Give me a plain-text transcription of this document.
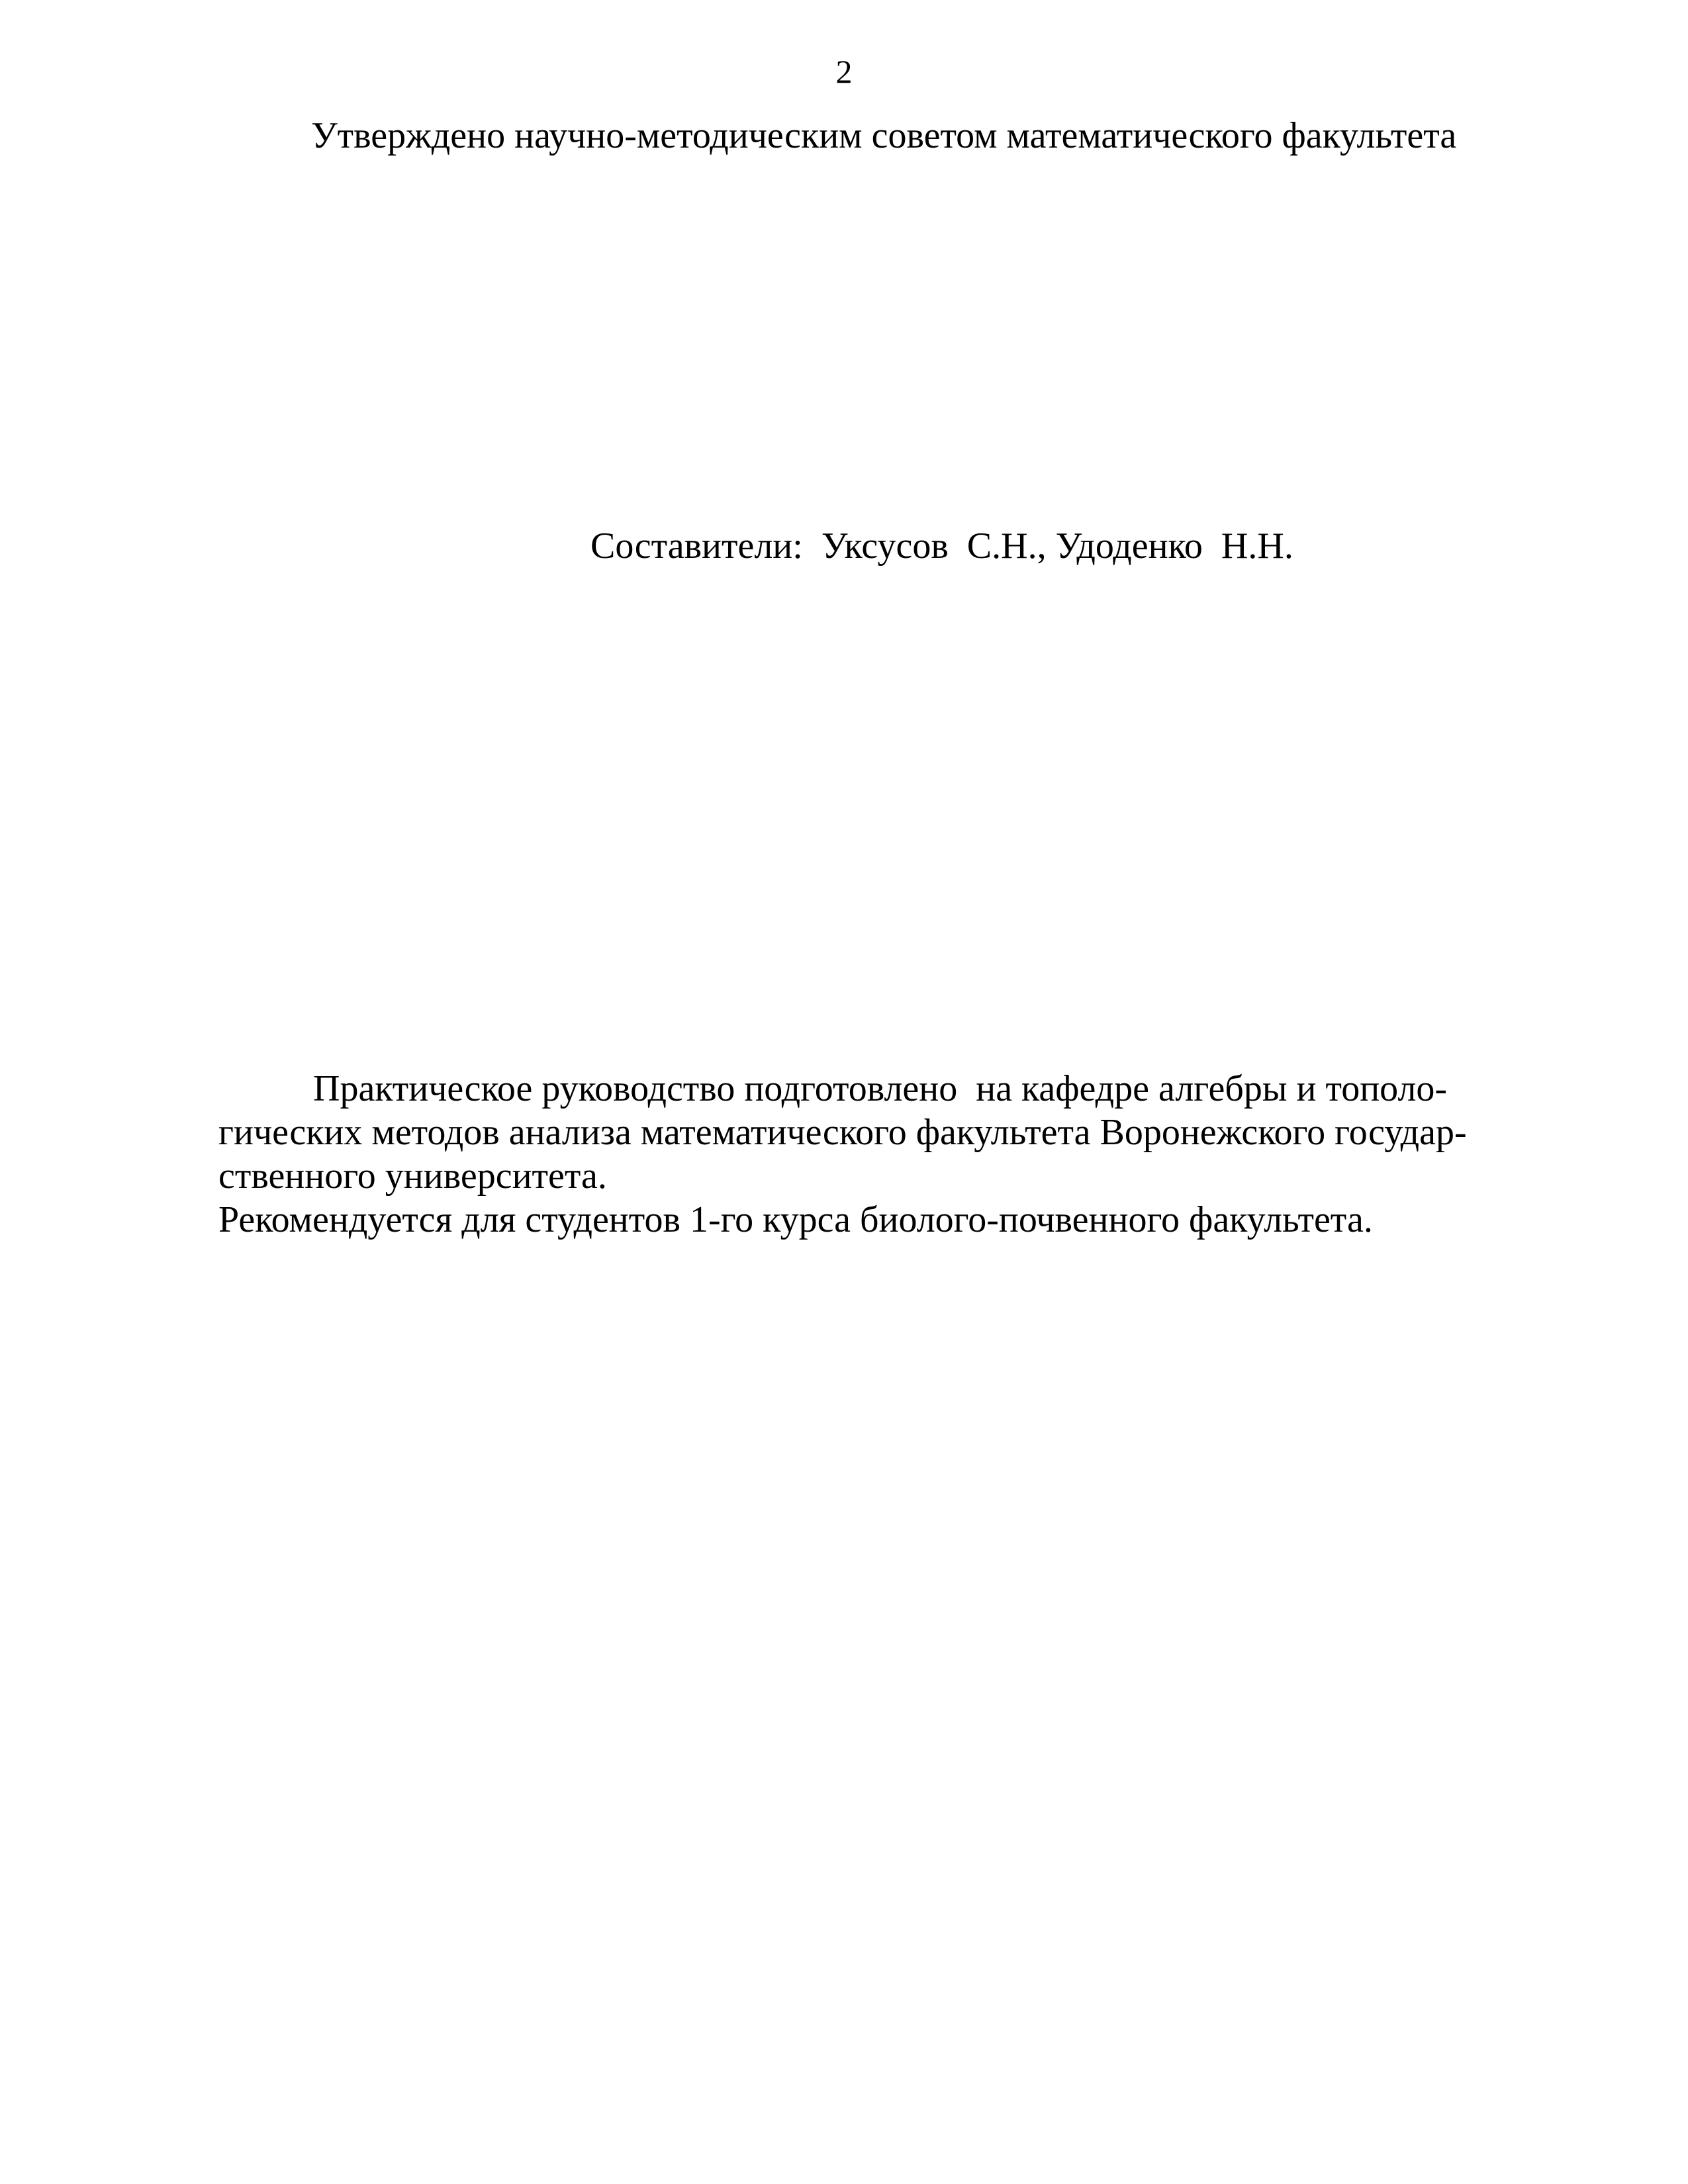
2
Утверждено научно-методическим советом математического факультета
Составители:  Уксусов  С.Н., Удоденко  Н.Н.
Практическое руководство подготовлено  на кафедре алгебры и тополо-
гических методов анализа математического факультета Воронежского государ-
ственного университета.
Рекомендуется для студентов 1-го курса биолого-почвенного факультета.
